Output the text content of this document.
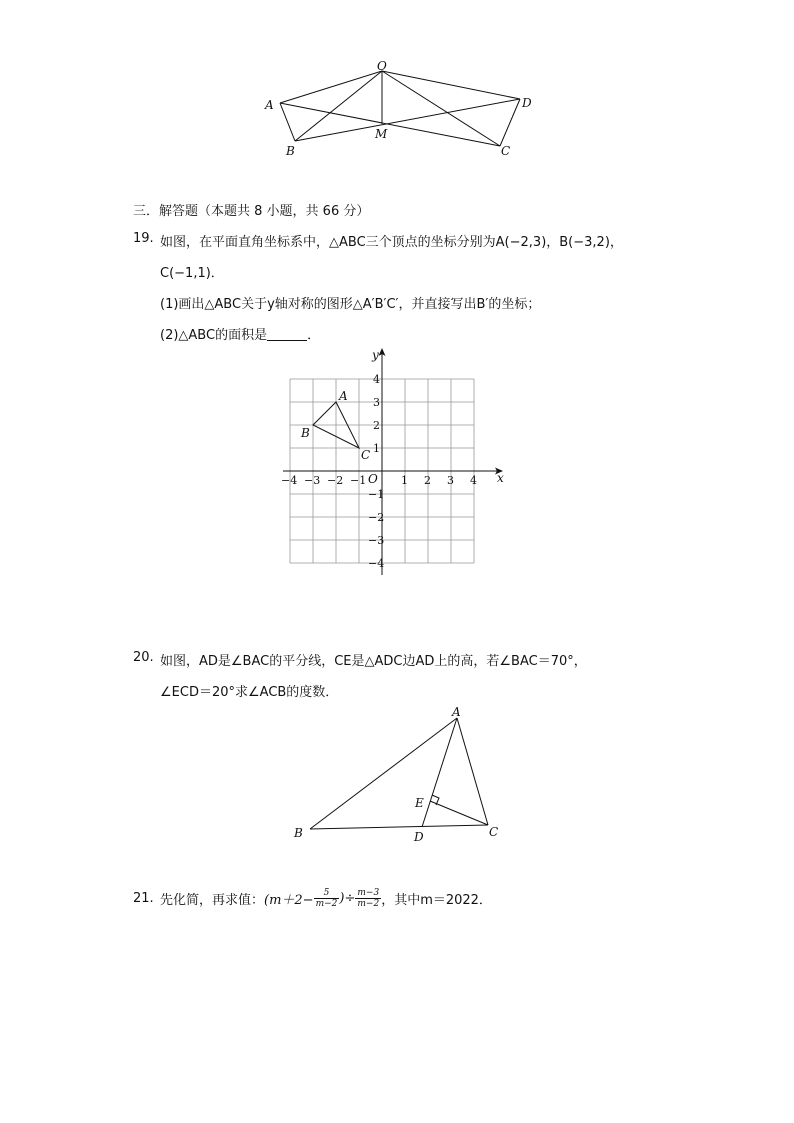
O
A
B
M
C
D
三．解答题（本题共 8 小题，共 66 分）
19. 如图，在平面直角坐标系中，△ABC三个顶点的坐标分别为A(−2,3)，B(−3,2)，
C(−1,1)．
(1)画出△ABC关于y轴对称的图形△A′B′C′，并直接写出B′的坐标；
(2)△ABC的面积是	．
x
y
O
−4 −3 −2 −1	1 2 3 4
4
3
2
1
−1
−2
−3
−4
A
B
C
20. 如图，AD是∠BAC的平分线，CE是△ADC边AD上的高，若∠BAC＝70°，
∠ECD＝20°求∠ACB的度数．
A
B	C
D
E
21. 先化简，再求值： ($m+2- \frac{5}{m-2}$ )÷ $\frac{m-3}{m-2}$ ，其中m＝2022．
